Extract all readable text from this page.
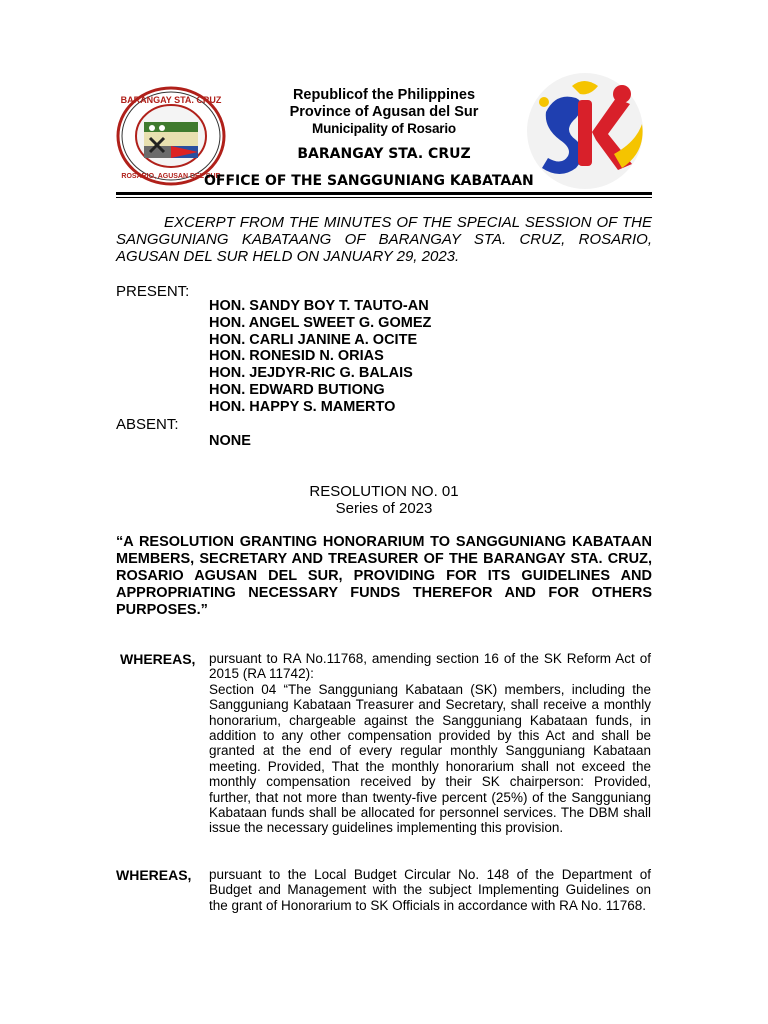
BARANGAY STA. CRUZ
ROSARIO, AGUSAN DEL SUR
Republicof the Philippines
Province of Agusan del Sur
Municipality of Rosario
BARANGAY STA. CRUZ
OFFICE OF THE SANGGUNIANG KABATAAN
EXCERPT FROM THE MINUTES OF THE SPECIAL SESSION OF THE SANGGUNIANG KABATAANG OF BARANGAY STA. CRUZ, ROSARIO, AGUSAN DEL SUR HELD ON JANUARY 29, 2023.
PRESENT:
HON. SANDY BOY T. TAUTO-AN
HON. ANGEL SWEET G. GOMEZ
HON. CARLI JANINE A. OCITE
HON. RONESID N. ORIAS
HON. JEJDYR-RIC G. BALAIS
HON. EDWARD BUTIONG
HON. HAPPY S. MAMERTO
ABSENT:
NONE
RESOLUTION NO. 01
Series of 2023
“A RESOLUTION GRANTING HONORARIUM TO SANGGUNIANG KABATAAN MEMBERS, SECRETARY AND TREASURER OF THE BARANGAY STA. CRUZ, ROSARIO AGUSAN DEL SUR, PROVIDING FOR ITS GUIDELINES AND APPROPRIATING NECESSARY FUNDS THEREFOR AND FOR OTHERS PURPOSES.”
WHEREAS, pursuant to RA No.11768, amending section 16 of the SK Reform Act of 2015 (RA 11742):

Section 04 “The Sangguniang Kabataan (SK) members, including the Sangguniang Kabataan Treasurer and Secretary, shall receive a monthly honorarium, chargeable against the Sangguniang Kabataan funds, in addition to any other compensation provided by this Act and shall be granted at the end of every regular monthly Sangguniang Kabataan meeting. Provided, That the monthly honorarium shall not exceed the monthly compensation received by their SK chairperson: Provided, further, that not more than twenty-five percent (25%) of the Sangguniang Kabataan funds shall be allocated for personnel services. The DBM shall issue the necessary guidelines implementing this provision.

WHEREAS, pursuant to the Local Budget Circular No. 148 of the Department of Budget and Management with the subject Implementing Guidelines on the grant of Honorarium to SK Officials in accordance with RA No. 11768.
